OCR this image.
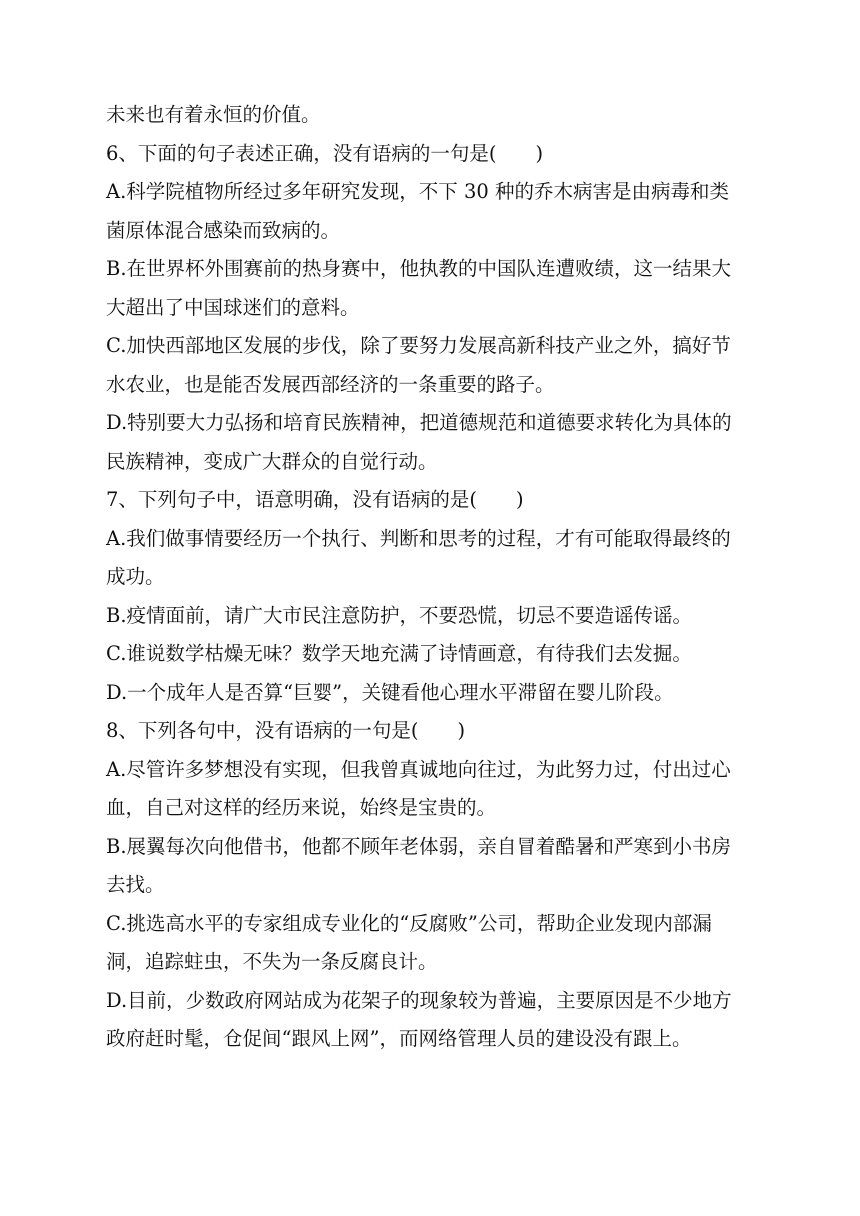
未来也有着永恒的价值。
6、下面的句子表述正确，没有语病的一句是(　　)
A.科学院植物所经过多年研究发现，不下 30 种的乔木病害是由病毒和类
菌原体混合感染而致病的。
B.在世界杯外围赛前的热身赛中，他执教的中国队连遭败绩，这一结果大
大超出了中国球迷们的意料。
C.加快西部地区发展的步伐，除了要努力发展高新科技产业之外，搞好节
水农业，也是能否发展西部经济的一条重要的路子。
D.特别要大力弘扬和培育民族精神，把道德规范和道德要求转化为具体的
民族精神，变成广大群众的自觉行动。
7、下列句子中，语意明确，没有语病的是(　　)
A.我们做事情要经历一个执行、判断和思考的过程，才有可能取得最终的
成功。
B.疫情面前，请广大市民注意防护，不要恐慌，切忌不要造谣传谣。
C.谁说数学枯燥无味？数学天地充满了诗情画意，有待我们去发掘。
D.一个成年人是否算“巨婴”，关键看他心理水平滞留在婴儿阶段。
8、下列各句中，没有语病的一句是(　　)
A.尽管许多梦想没有实现，但我曾真诚地向往过，为此努力过，付出过心
血，自己对这样的经历来说，始终是宝贵的。
B.展翼每次向他借书，他都不顾年老体弱，亲自冒着酷暑和严寒到小书房
去找。
C.挑选高水平的专家组成专业化的“反腐败”公司，帮助企业发现内部漏
洞，追踪蛀虫，不失为一条反腐良计。
D.目前，少数政府网站成为花架子的现象较为普遍，主要原因是不少地方
政府赶时髦，仓促间“跟风上网”，而网络管理人员的建设没有跟上。
